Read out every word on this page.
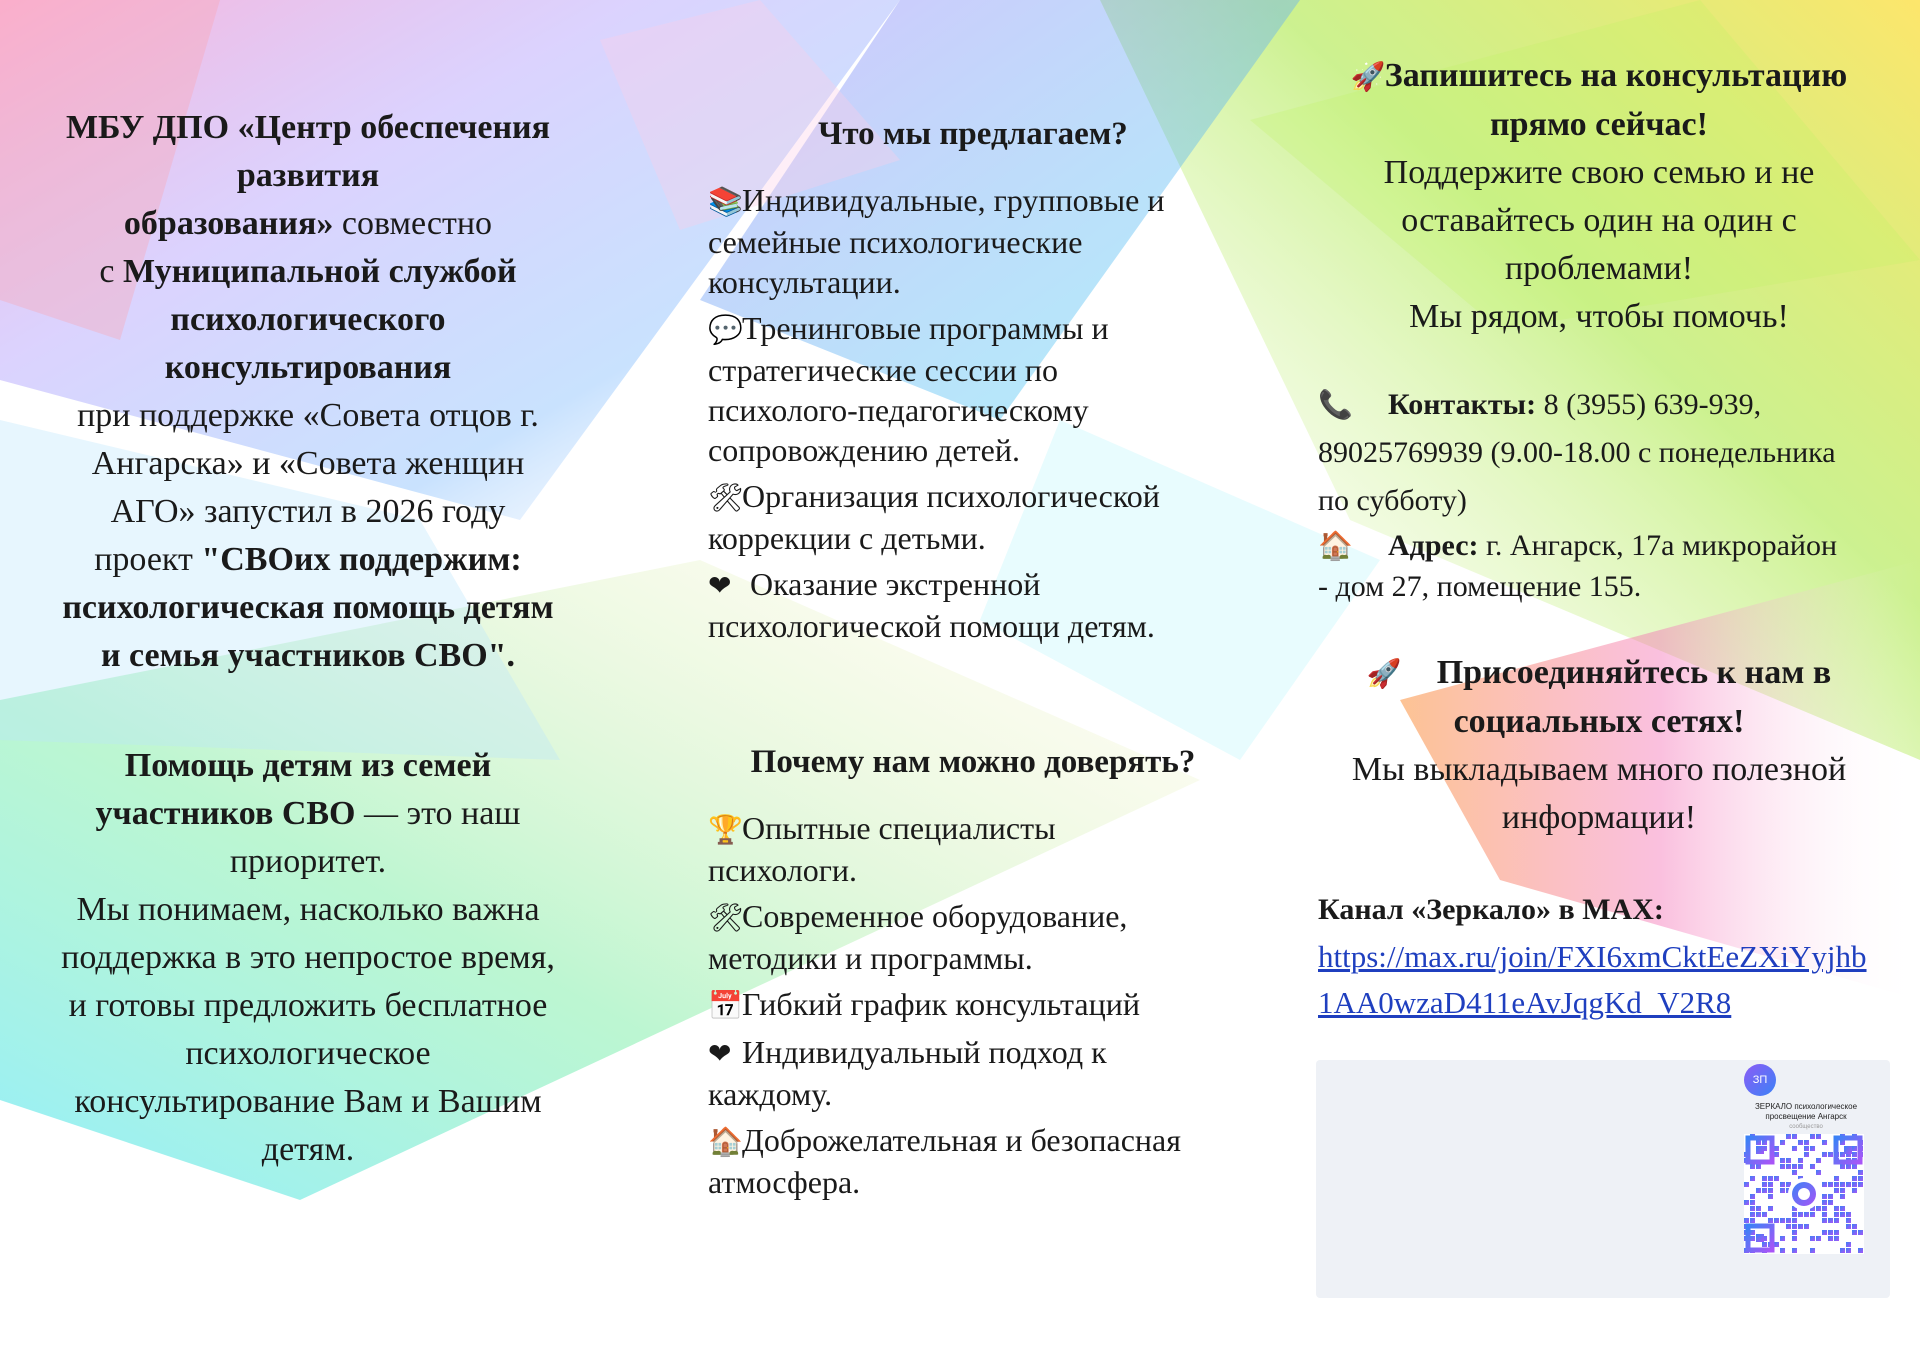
МБУ ДПО «Центр обеспечения

развития

образования» совместно

с Муниципальной службой

психологического

консультирования

при поддержке «Совета отцов г.

Ангарска» и «Совета женщин

АГО» запустил в 2026 году

проект "СВОих поддержим:

психологическая помощь детям

и семья участников СВО".

Помощь детям из семей

участников СВО — это наш

приоритет.

Мы понимаем, насколько важна

поддержка в это непростое время,

и готовы предложить бесплатное

психологическое

консультирование Вам и Вашим

детям.

Что мы предлагаем?

📚Индивидуальные, групповые и

семейные психологические

консультации.

💬Тренинговые программы и

стратегические сессии по

психолого-педагогическому

сопровождению детей.

🛠Организация психологической

коррекции с детьми.

❤ Оказание экстренной

психологической помощи детям.

Почему нам можно доверять?

🏆Опытные специалисты

психологи.

🛠Современное оборудование,

методики и программы.

📅Гибкий график консультаций

❤ Индивидуальный подход к

каждому.

🏠Доброжелательная и безопасная

атмосфера.

🚀Запишитесь на консультацию

прямо сейчас!

Поддержите свою семью и не

оставайтесь один на один с

проблемами!

Мы рядом, чтобы помочь!

📞 Контакты: 8 (3955) 639-939,

89025769939 (9.00-18.00 с понедельника

по субботу)

🏠 Адрес: г. Ангарск, 17а микрорайон

- дом 27, помещение 155.

🚀 Присоединяйтесь к нам в

социальных сетях!

Мы выкладываем много полезной

информации!

Канал «Зеркало» в MAX:

https://max.ru/join/FXI6xmCktEeZXiYyjhb1AA0wzaD411eAvJqgKd_V2R8
ЗП
ЗЕРКАЛО психологическое
просвещение Ангарск
сообщество
